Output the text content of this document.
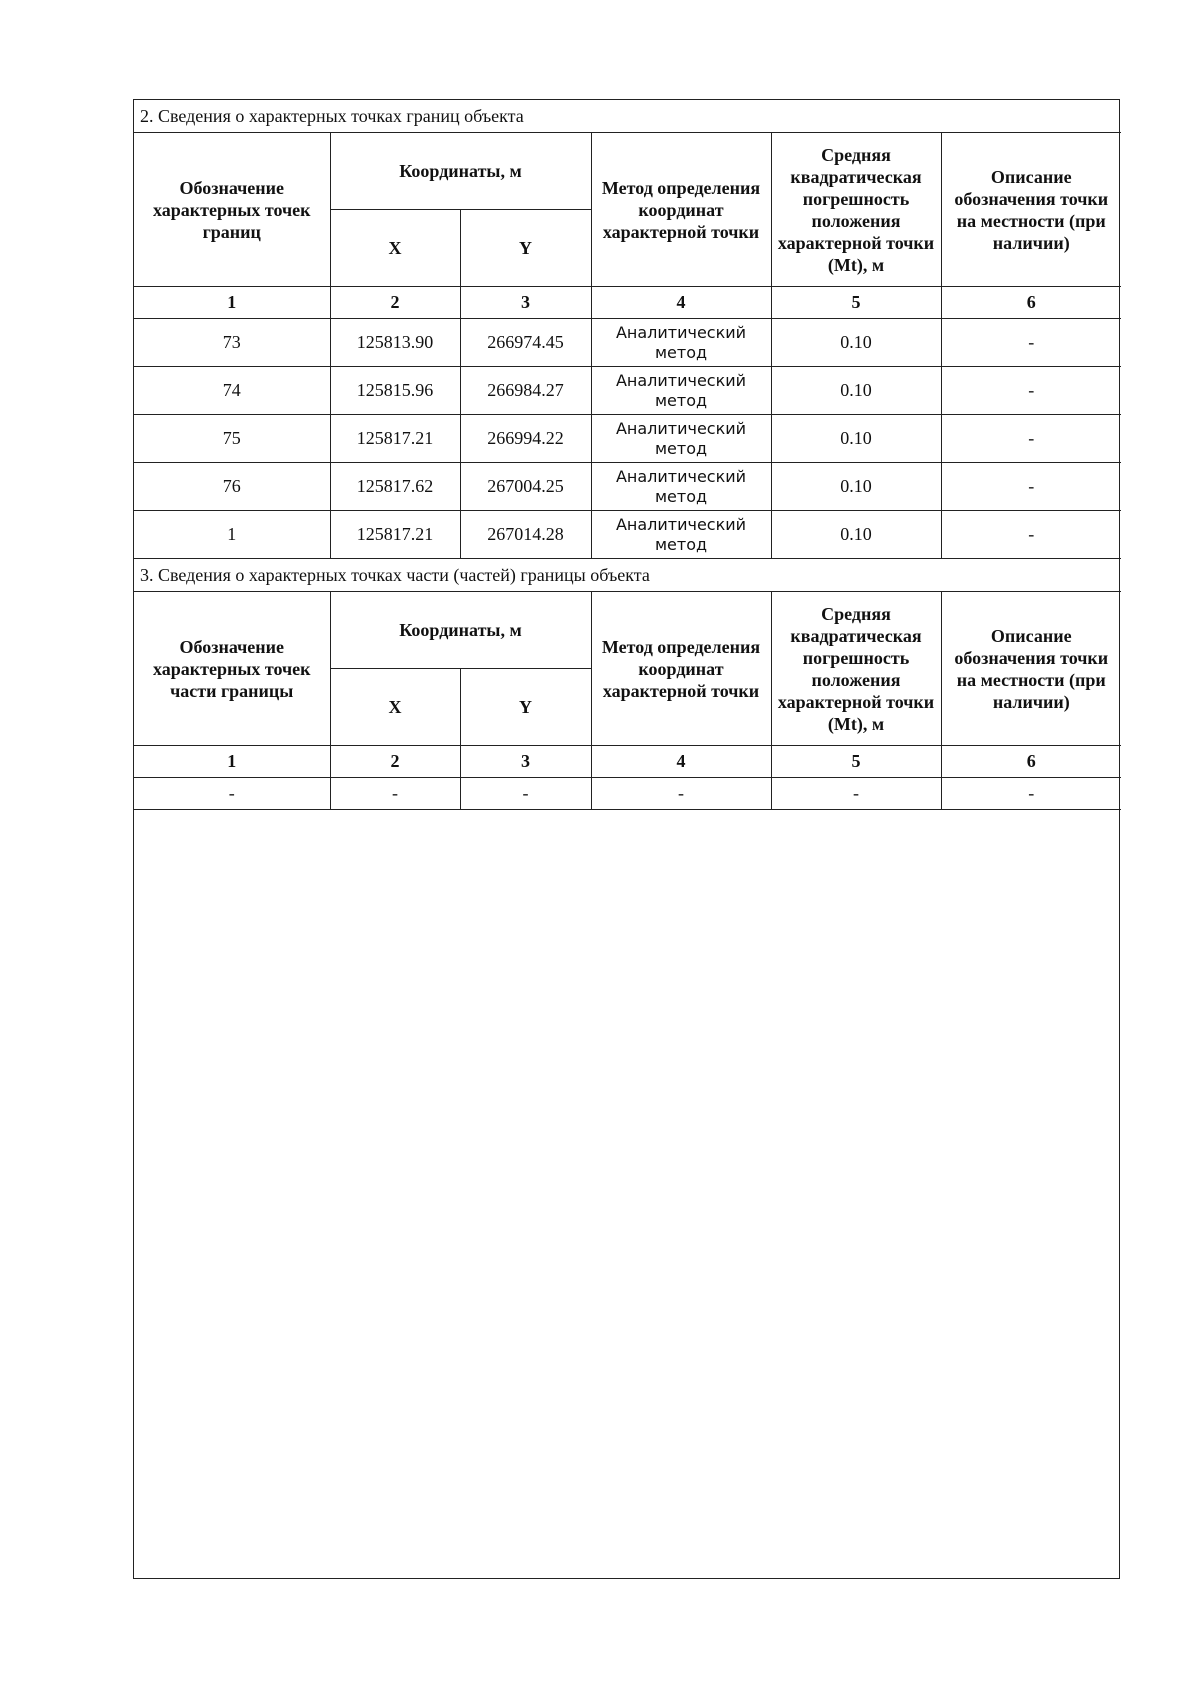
2. Сведения о характерных точках границ объекта					
Обозначение характерных точек границ	Координаты, м		Метод определения координат характерной точки	Средняя квадратическая погрешность положения характерной точки (Mt), м	Описание обозначения точки на местности (при наличии)
	X	Y			
1	2	3	4	5	6
73	125813.90	266974.45	Аналитический метод	0.10	-
74	125815.96	266984.27	Аналитический метод	0.10	-
75	125817.21	266994.22	Аналитический метод	0.10	-
76	125817.62	267004.25	Аналитический метод	0.10	-
1	125817.21	267014.28	Аналитический метод	0.10	-
3. Сведения о характерных точках части (частей) границы объекта					
Обозначение характерных точек части границы	Координаты, м		Метод определения координат характерной точки	Средняя квадратическая погрешность положения характерной точки (Mt), м	Описание обозначения точки на местности (при наличии)
	X	Y			
1	2	3	4	5	6
-	-	-	-	-	-
